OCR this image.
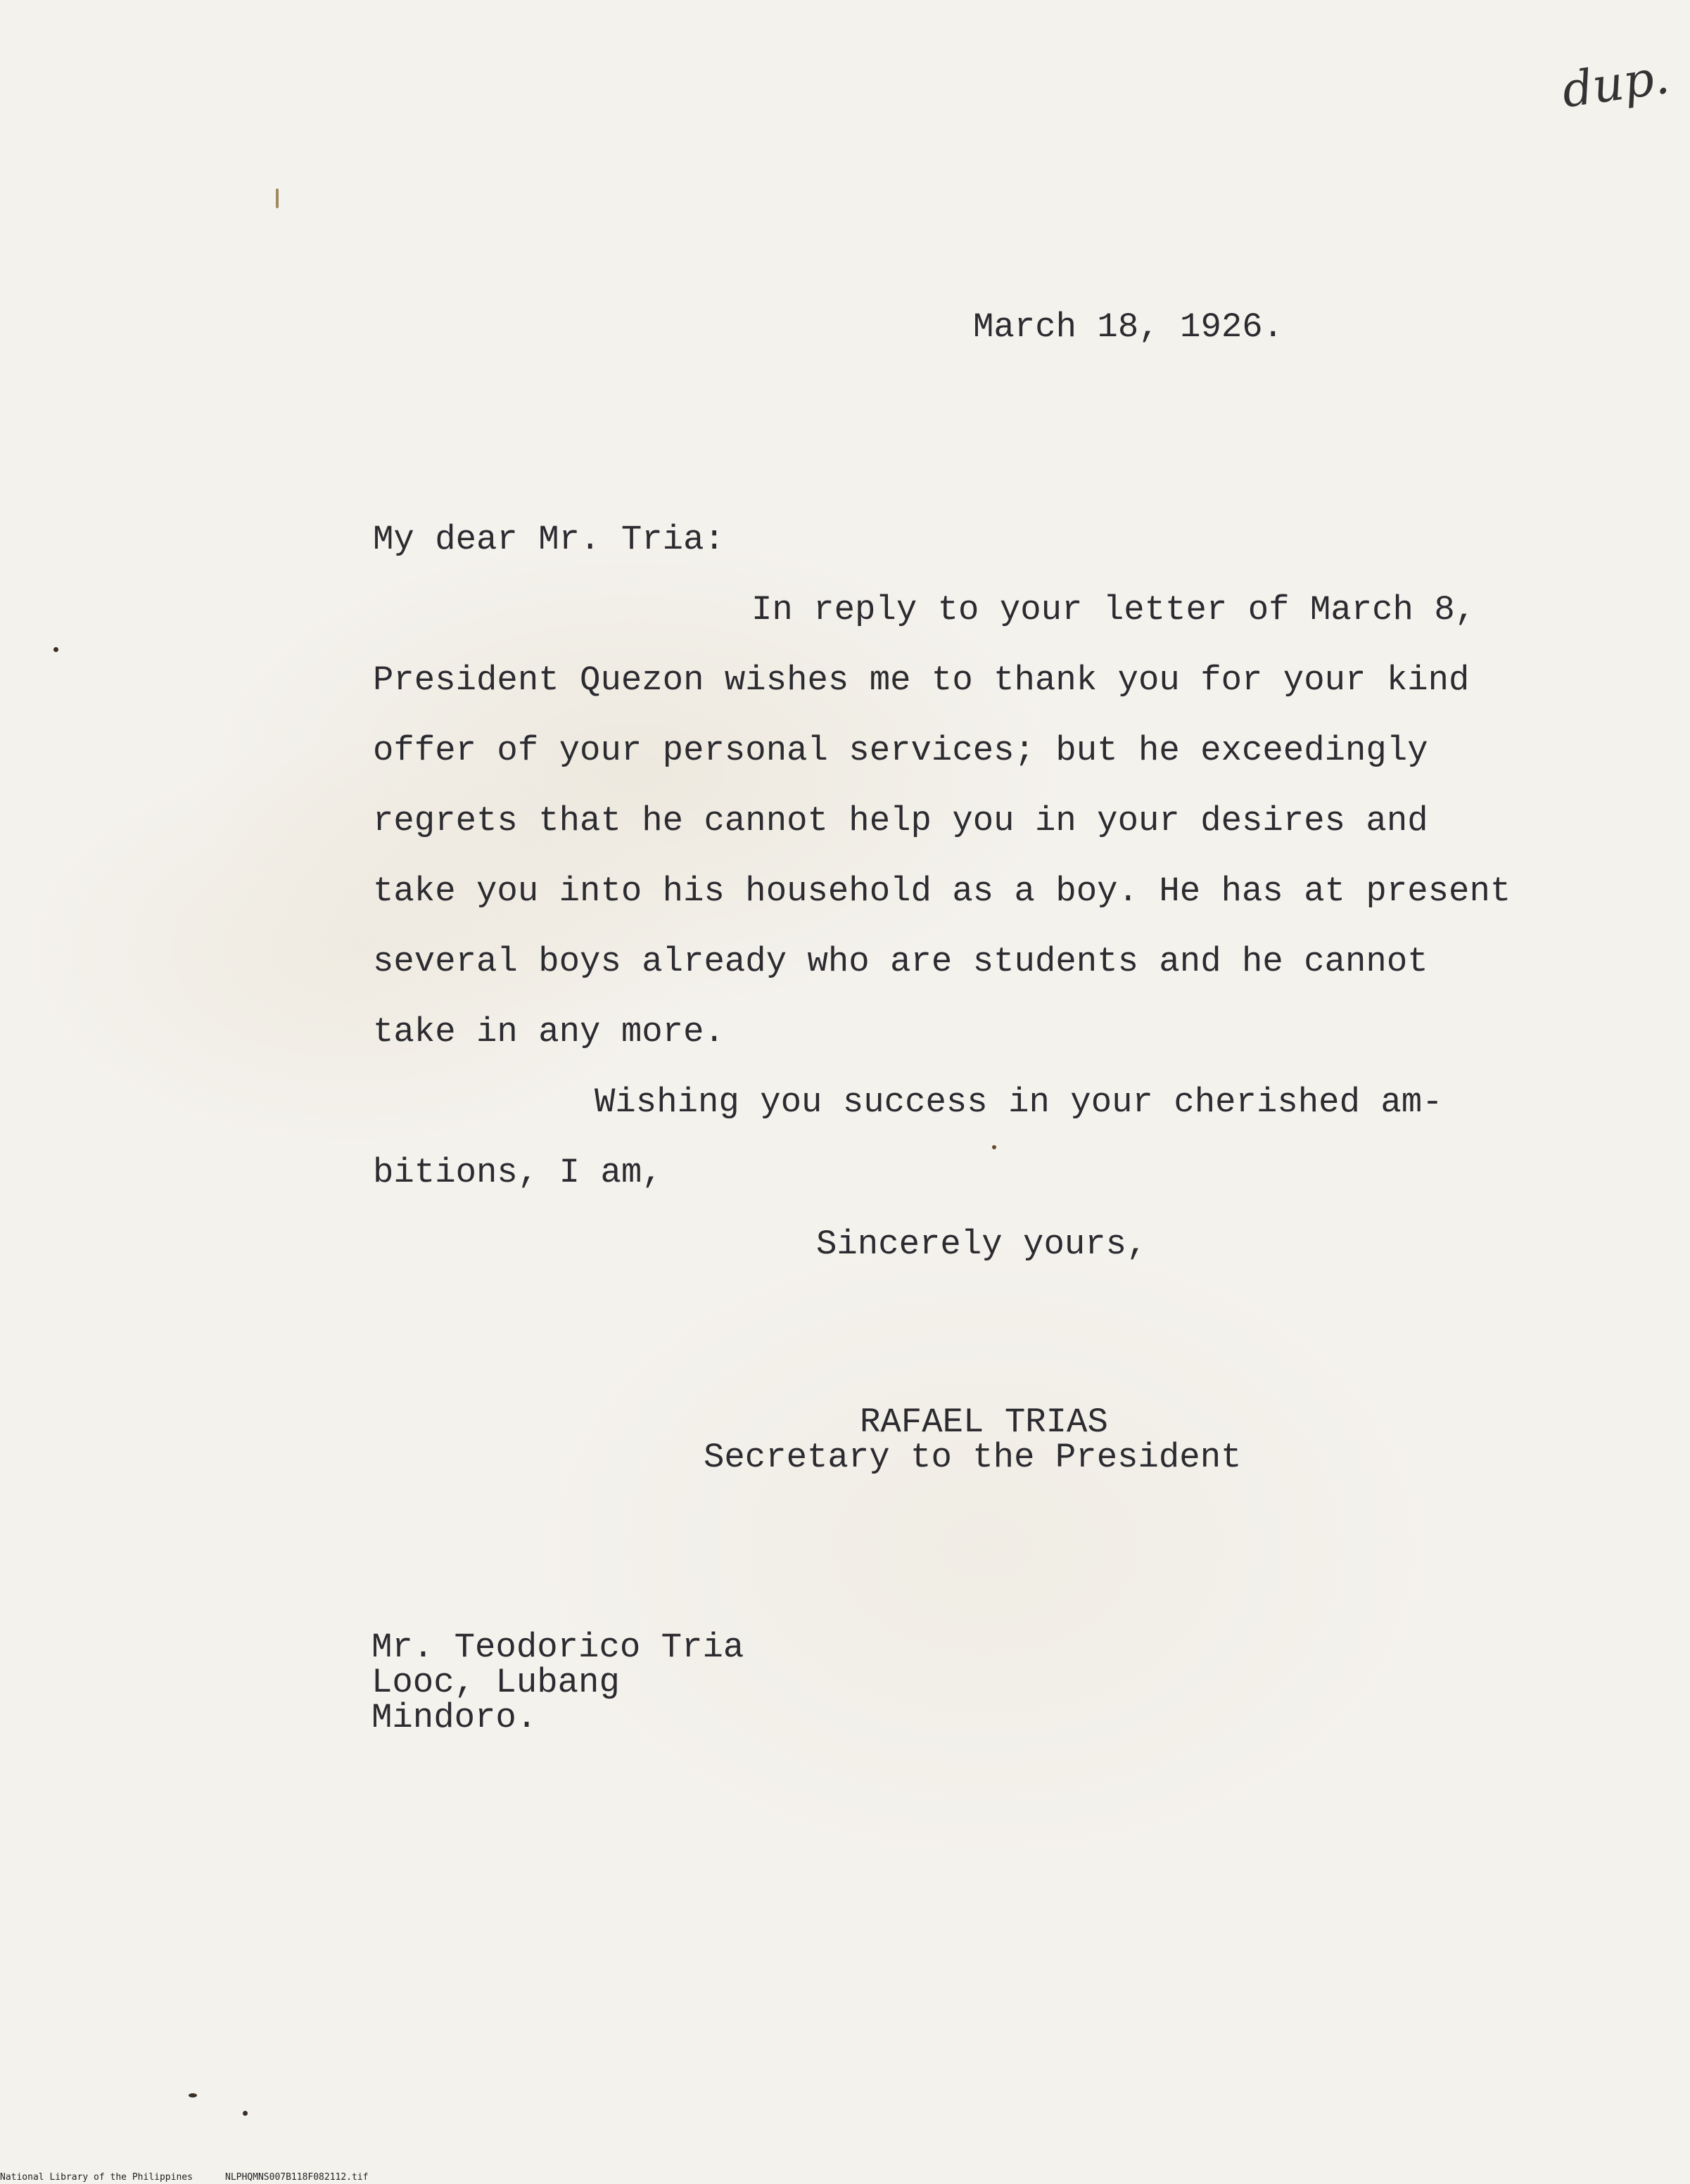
dup.
March 18, 1926.
My dear Mr. Tria:
In reply to your letter of March 8,
President Quezon wishes me to thank you for your kind
offer of your personal services; but he exceedingly
regrets that he cannot help you in your desires and
take you into his household as a boy. He has at present
several boys already who are students and he cannot
take in any more.
Wishing you success in your cherished am-
bitions, I am,
Sincerely yours,
RAFAEL TRIAS
Secretary to the President
Mr. Teodorico Tria
Looc, Lubang
Mindoro.
National Library of the Philippines	NLPHQMNS007B118F082112.tif
